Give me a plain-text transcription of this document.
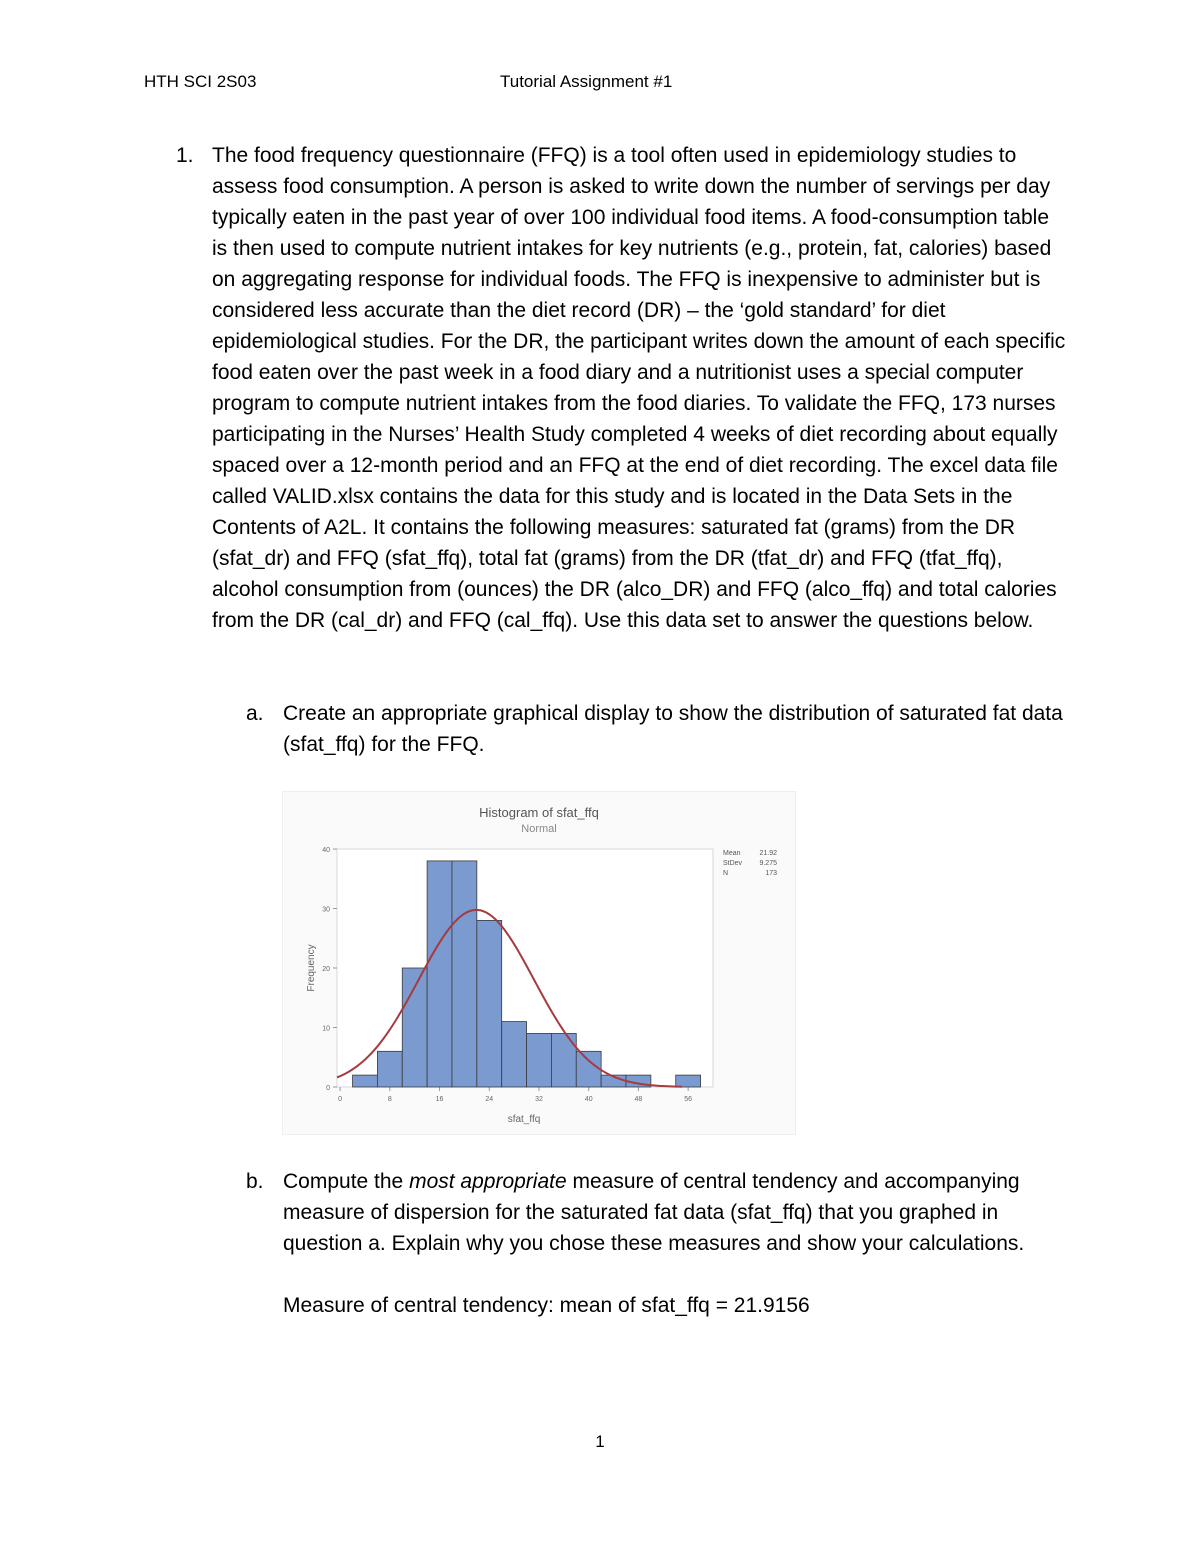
HTH SCI 2S03	Tutorial Assignment #1
1. The food frequency questionnaire (FFQ) is a tool often used in epidemiology studies to assess food consumption. A person is asked to write down the number of servings per day typically eaten in the past year of over 100 individual food items. A food-consumption table is then used to compute nutrient intakes for key nutrients (e.g., protein, fat, calories) based on aggregating response for individual foods. The FFQ is inexpensive to administer but is considered less accurate than the diet record (DR) – the ‘gold standard’ for diet epidemiological studies. For the DR, the participant writes down the amount of each specific food eaten over the past week in a food diary and a nutritionist uses a special computer program to compute nutrient intakes from the food diaries. To validate the FFQ, 173 nurses participating in the Nurses’ Health Study completed 4 weeks of diet recording about equally spaced over a 12-month period and an FFQ at the end of diet recording. The excel data file called VALID.xlsx contains the data for this study and is located in the Data Sets in the Contents of A2L. It contains the following measures: saturated fat (grams) from the DR (sfat_dr) and FFQ (sfat_ffq), total fat (grams) from the DR (tfat_dr) and FFQ (tfat_ffq), alcohol consumption from (ounces) the DR (alco_DR) and FFQ (alco_ffq) and total calories from the DR (cal_dr) and FFQ (cal_ffq). Use this data set to answer the questions below.
a. Create an appropriate graphical display to show the distribution of saturated fat data (sfat_ffq) for the FFQ.
Histogram of sfat_ffq
Normal
Frequency
sfat_ffq
Mean	21.92
StDev 9.275
N	173
0
10
20
30
40
0	8	16	24	32	40	48	56
b. Compute the most appropriate measure of central tendency and accompanying measure of dispersion for the saturated fat data (sfat_ffq) that you graphed in question a. Explain why you chose these measures and show your calculations.
Measure of central tendency: mean of sfat_ffq = 21.9156
1
